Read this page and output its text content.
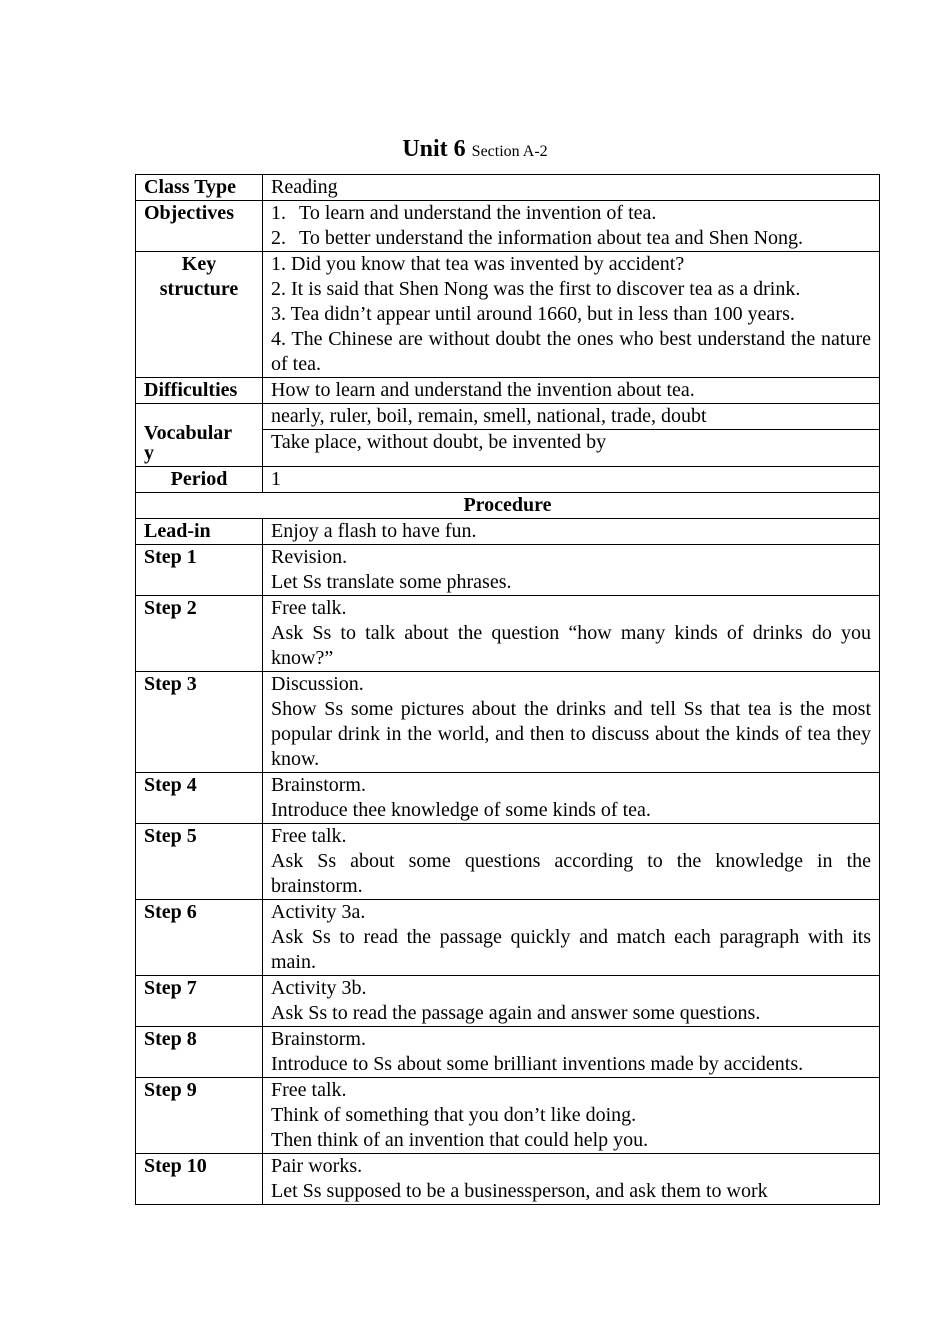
Unit 6 Section A-2
Class Type	Reading
Objectives	1. To learn and understand the invention of tea.
2. To better understand the information about tea and Shen Nong.

Key
structure	1. Did you know that tea was invented by accident?
2. It is said that Shen Nong was the first to discover tea as a drink.
3. Tea didn’t appear until around 1660, but in less than 100 years.
4. The Chinese are without doubt the ones who best understand the nature of tea.

Difficulties	How to learn and understand the invention about tea.

Vocabular
y	nearly, ruler, boil, remain, smell, national, trade, doubt
	Take place, without doubt, be invented by
Period	1
Procedure	
Lead-in	Enjoy a flash to have fun.

Step 1	Revision.
Let Ss translate some phrases.

Step 2	Free talk.
Ask Ss to talk about the question “how many kinds of drinks do you know?”

Step 3	Discussion.
Show Ss some pictures about the drinks and tell Ss that tea is the most popular drink in the world, and then to discuss about the kinds of tea they know.

Step 4	Brainstorm.
Introduce thee knowledge of some kinds of tea.

Step 5	Free talk.
Ask Ss about some questions according to the knowledge in the brainstorm.

Step 6	Activity 3a.
Ask Ss to read the passage quickly and match each paragraph with its main.

Step 7	Activity 3b.
Ask Ss to read the passage again and answer some questions.

Step 8	Brainstorm.
Introduce to Ss about some brilliant inventions made by accidents.

Step 9	Free talk.
Think of something that you don’t like doing.
Then think of an invention that could help you.

Step 10	Pair works.
Let Ss supposed to be a businessperson, and ask them to work
